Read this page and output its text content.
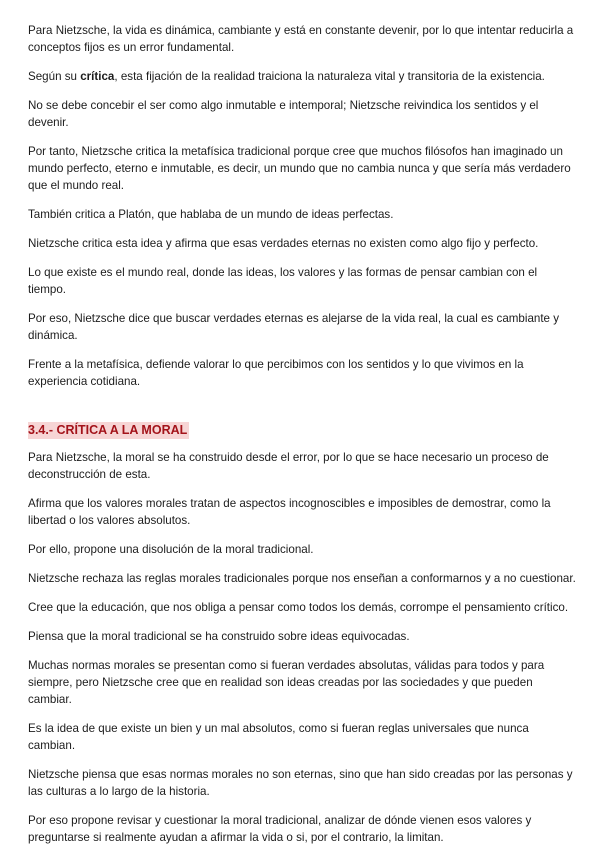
Para Nietzsche, la vida es dinámica, cambiante y está en constante devenir, por lo que intentar reducirla a conceptos fijos es un error fundamental.

Según su crítica, esta fijación de la realidad traiciona la naturaleza vital y transitoria de la existencia.

No se debe concebir el ser como algo inmutable e intemporal; Nietzsche reivindica los sentidos y el devenir.

Por tanto, Nietzsche critica la metafísica tradicional porque cree que muchos filósofos han imaginado un mundo perfecto, eterno e inmutable, es decir, un mundo que no cambia nunca y que sería más verdadero que el mundo real.

También critica a Platón, que hablaba de un mundo de ideas perfectas.

Nietzsche critica esta idea y afirma que esas verdades eternas no existen como algo fijo y perfecto.

Lo que existe es el mundo real, donde las ideas, los valores y las formas de pensar cambian con el tiempo.

Por eso, Nietzsche dice que buscar verdades eternas es alejarse de la vida real, la cual es cambiante y dinámica.

Frente a la metafísica, defiende valorar lo que percibimos con los sentidos y lo que vivimos en la experiencia cotidiana.

3.4.- CRÍTICA A LA MORAL

Para Nietzsche, la moral se ha construido desde el error, por lo que se hace necesario un proceso de deconstrucción de esta.

Afirma que los valores morales tratan de aspectos incognoscibles e imposibles de demostrar, como la libertad o los valores absolutos.

Por ello, propone una disolución de la moral tradicional.

Nietzsche rechaza las reglas morales tradicionales porque nos enseñan a conformarnos y a no cuestionar.

Cree que la educación, que nos obliga a pensar como todos los demás, corrompe el pensamiento crítico.

Piensa que la moral tradicional se ha construido sobre ideas equivocadas.

Muchas normas morales se presentan como si fueran verdades absolutas, válidas para todos y para siempre, pero Nietzsche cree que en realidad son ideas creadas por las sociedades y que pueden cambiar.

Es la idea de que existe un bien y un mal absolutos, como si fueran reglas universales que nunca cambian.

Nietzsche piensa que esas normas morales no son eternas, sino que han sido creadas por las personas y las culturas a lo largo de la historia.

Por eso propone revisar y cuestionar la moral tradicional, analizar de dónde vienen esos valores y preguntarse si realmente ayudan a afirmar la vida o si, por el contrario, la limitan.
